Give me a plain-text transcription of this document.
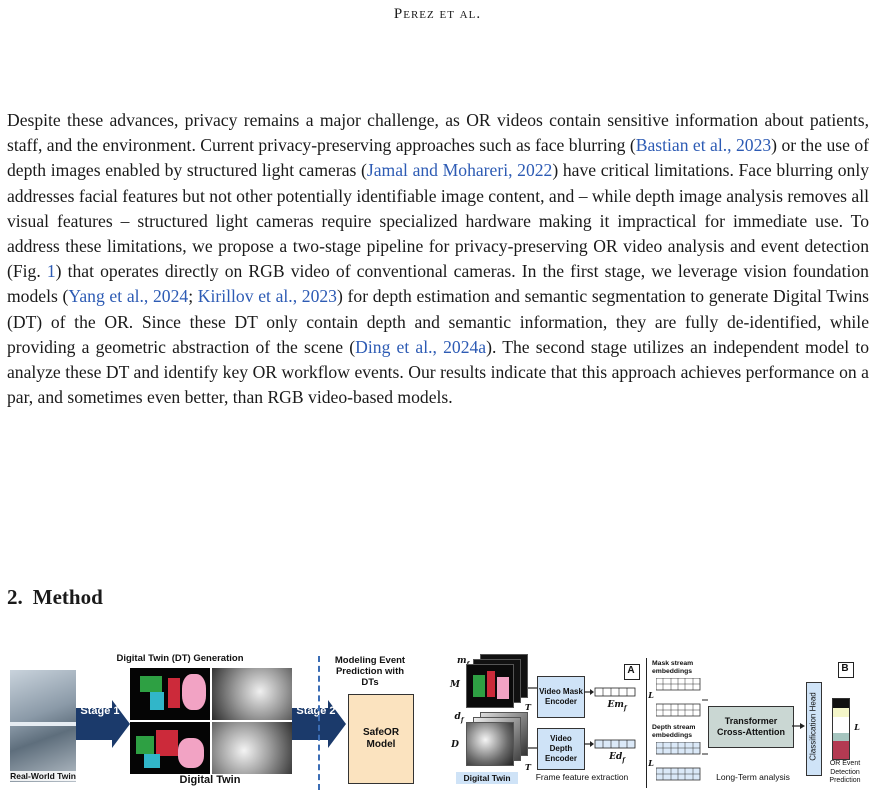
Perez et al.

Despite these advances, privacy remains a major challenge, as OR videos contain sensitive information about patients, staff, and the environment. Current privacy-preserving approaches such as face blurring (Bastian et al., 2023) or the use of depth images enabled by structured light cameras (Jamal and Mohareri, 2022) have critical limitations. Face blurring only addresses facial features but not other potentially identifiable image content, and – while depth image analysis removes all visual features – structured light cameras require specialized hardware making it impractical for immediate use. To address these limitations, we propose a two-stage pipeline for privacy-preserving OR video analysis and event detection (Fig. 1) that operates directly on RGB video of conventional cameras. In the first stage, we leverage vision foundation models (Yang et al., 2024; Kirillov et al., 2023) for depth estimation and semantic segmentation to generate Digital Twins (DT) of the OR. Since these DT only contain depth and semantic information, they are fully de-identified, while providing a geometric abstraction of the scene (Ding et al., 2024a). The second stage utilizes an independent model to analyze these DT and identify key OR workflow events. Our results indicate that this approach achieves performance on a par, and sometimes even better, than RGB video-based models.

2. Method
Digital Twin (DT) Generation	Modeling Event Prediction with DTs
Real-World Twin
Stage 1
Digital Twin
Stage 2
SafeOR Model
m
M
$d_f$
D
T
T
Video Mask Encoder
Video Depth Encoder
$Em_f$
$Ed_f$
A
L
L
Mask stream embeddings
Depth stream embeddings
Transformer Cross-Attention	Classification Head
B
L
OR Event Detection Prediction
Digital Twin	Frame feature extraction	Long-Term analysis
